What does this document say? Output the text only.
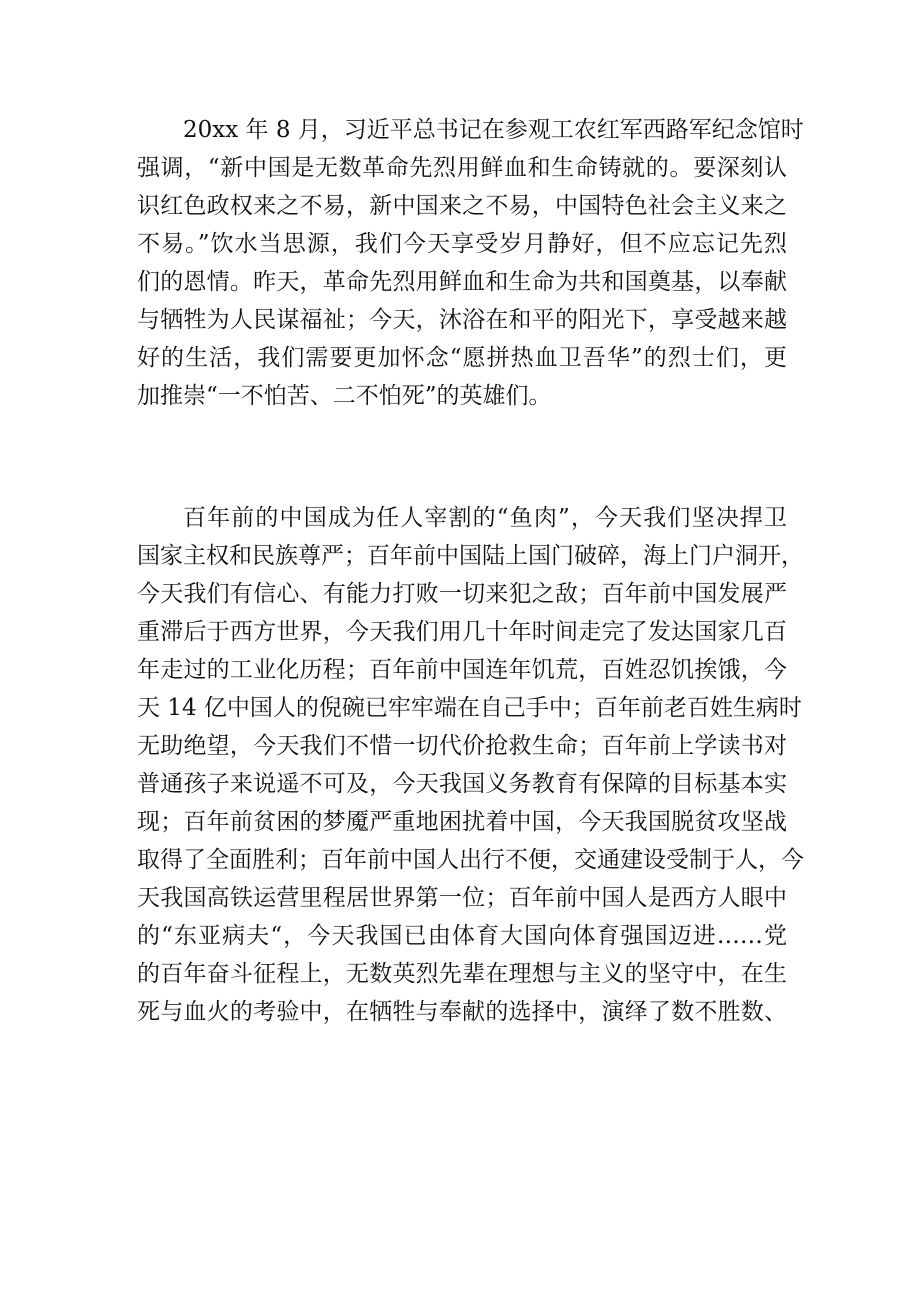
20xx 年 8 月，习近平总书记在参观工农红军西路军纪念馆时
强调，“新中国是无数革命先烈用鲜血和生命铸就的。要深刻认
识红色政权来之不易，新中国来之不易，中国特色社会主义来之
不易。”饮水当思源，我们今天享受岁月静好，但不应忘记先烈
们的恩情。昨天，革命先烈用鲜血和生命为共和国奠基，以奉献
与牺牲为人民谋福祉；今天，沐浴在和平的阳光下，享受越来越
好的生活，我们需要更加怀念“愿拼热血卫吾华”的烈士们，更
加推崇“一不怕苦、二不怕死”的英雄们。
百年前的中国成为任人宰割的“鱼肉”，今天我们坚决捍卫
国家主权和民族尊严；百年前中国陆上国门破碎，海上门户洞开，
今天我们有信心、有能力打败一切来犯之敌；百年前中国发展严
重滞后于西方世界，今天我们用几十年时间走完了发达国家几百
年走过的工业化历程；百年前中国连年饥荒，百姓忍饥挨饿，今
天 14 亿中国人的倪碗已牢牢端在自己手中；百年前老百姓生病时
无助绝望，今天我们不惜一切代价抢救生命；百年前上学读书对
普通孩子来说遥不可及，今天我国义务教育有保障的目标基本实
现；百年前贫困的梦魇严重地困扰着中国，今天我国脱贫攻坚战
取得了全面胜利；百年前中国人出行不便，交通建设受制于人，今
天我国高铁运营里程居世界第一位；百年前中国人是西方人眼中
的“东亚病夫“，今天我国已由体育大国向体育强国迈进……党
的百年奋斗征程上，无数英烈先辈在理想与主义的坚守中，在生
死与血火的考验中，在牺牲与奉献的选择中，演绎了数不胜数、
